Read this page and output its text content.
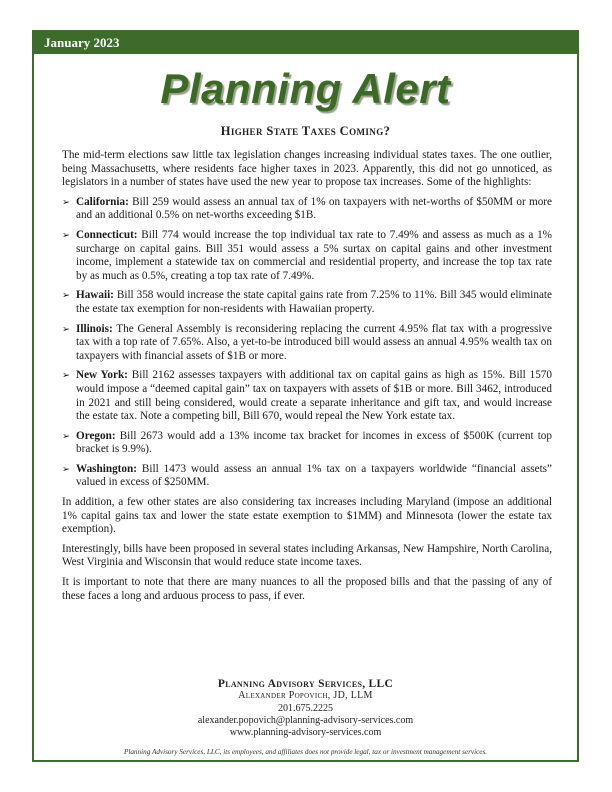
January 2023
Planning Alert
Higher State Taxes Coming?

The mid-term elections saw little tax legislation changes increasing individual states taxes. The one outlier, being Massachusetts, where residents face higher taxes in 2023. Apparently, this did not go unnoticed, as legislators in a number of states have used the new year to propose tax increases. Some of the highlights:

➢ California: Bill 259 would assess an annual tax of 1% on taxpayers with net-worths of $50MM or more and an additional 0.5% on net-worths exceeding $1B.
➢ Connecticut: Bill 774 would increase the top individual tax rate to 7.49% and assess as much as a 1% surcharge on capital gains. Bill 351 would assess a 5% surtax on capital gains and other investment income, implement a statewide tax on commercial and residential property, and increase the top tax rate by as much as 0.5%, creating a top tax rate of 7.49%.
➢ Hawaii: Bill 358 would increase the state capital gains rate from 7.25% to 11%. Bill 345 would eliminate the estate tax exemption for non-residents with Hawaiian property.
➢ Illinois: The General Assembly is reconsidering replacing the current 4.95% flat tax with a progressive tax with a top rate of 7.65%. Also, a yet-to-be introduced bill would assess an annual 4.95% wealth tax on taxpayers with financial assets of $1B or more.
➢ New York: Bill 2162 assesses taxpayers with additional tax on capital gains as high as 15%. Bill 1570 would impose a “deemed capital gain” tax on taxpayers with assets of $1B or more. Bill 3462, introduced in 2021 and still being considered, would create a separate inheritance and gift tax, and would increase the estate tax. Note a competing bill, Bill 670, would repeal the New York estate tax.
➢ Oregon: Bill 2673 would add a 13% income tax bracket for incomes in excess of $500K (current top bracket is 9.9%).
➢ Washington: Bill 1473 would assess an annual 1% tax on a taxpayers worldwide “financial assets” valued in excess of $250MM.

In addition, a few other states are also considering tax increases including Maryland (impose an additional 1% capital gains tax and lower the state estate exemption to $1MM) and Minnesota (lower the estate tax exemption).

Interestingly, bills have been proposed in several states including Arkansas, New Hampshire, North Carolina, West Virginia and Wisconsin that would reduce state income taxes.

It is important to note that there are many nuances to all the proposed bills and that the passing of any of these faces a long and arduous process to pass, if ever.

Planning Advisory Services, LLC
Alexander Popovich, JD, LLM
201.675.2225
alexander.popovich@planning-advisory-services.com
www.planning-advisory-services.com
Planning Advisory Services, LLC, its employees, and affiliates does not provide legal, tax or investment management services.
